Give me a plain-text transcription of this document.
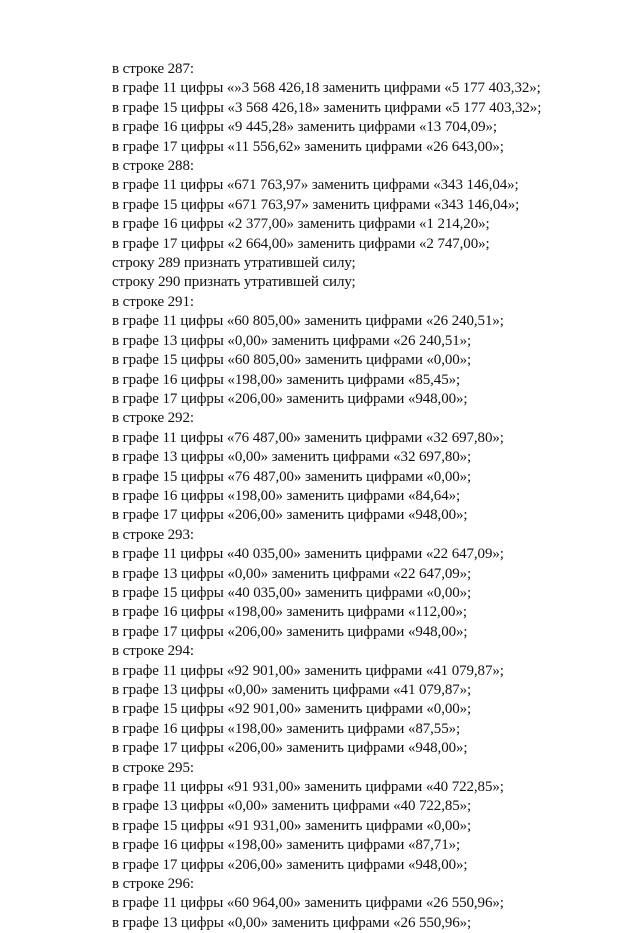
в строке 287:
в графе 11 цифры «»3 568 426,18 заменить цифрами «5 177 403,32»;
в графе 15 цифры «3 568 426,18» заменить цифрами «5 177 403,32»;
в графе 16 цифры «9 445,28» заменить цифрами «13 704,09»;
в графе 17 цифры «11 556,62» заменить цифрами «26 643,00»;
в строке 288:
в графе 11 цифры «671 763,97» заменить цифрами «343 146,04»;
в графе 15 цифры «671 763,97» заменить цифрами «343 146,04»;
в графе 16 цифры «2 377,00» заменить цифрами «1 214,20»;
в графе 17 цифры «2 664,00» заменить цифрами «2 747,00»;
строку 289 признать утратившей силу;
строку 290 признать утратившей силу;
в строке 291:
в графе 11 цифры «60 805,00» заменить цифрами «26 240,51»;
в графе 13 цифры «0,00» заменить цифрами «26 240,51»;
в графе 15 цифры «60 805,00» заменить цифрами «0,00»;
в графе 16 цифры «198,00» заменить цифрами «85,45»;
в графе 17 цифры «206,00» заменить цифрами «948,00»;
в строке 292:
в графе 11 цифры «76 487,00» заменить цифрами «32 697,80»;
в графе 13 цифры «0,00» заменить цифрами «32 697,80»;
в графе 15 цифры «76 487,00» заменить цифрами «0,00»;
в графе 16 цифры «198,00» заменить цифрами «84,64»;
в графе 17 цифры «206,00» заменить цифрами «948,00»;
в строке 293:
в графе 11 цифры «40 035,00» заменить цифрами «22 647,09»;
в графе 13 цифры «0,00» заменить цифрами «22 647,09»;
в графе 15 цифры «40 035,00» заменить цифрами «0,00»;
в графе 16 цифры «198,00» заменить цифрами «112,00»;
в графе 17 цифры «206,00» заменить цифрами «948,00»;
в строке 294:
в графе 11 цифры «92 901,00» заменить цифрами «41 079,87»;
в графе 13 цифры «0,00» заменить цифрами «41 079,87»;
в графе 15 цифры «92 901,00» заменить цифрами «0,00»;
в графе 16 цифры «198,00» заменить цифрами «87,55»;
в графе 17 цифры «206,00» заменить цифрами «948,00»;
в строке 295:
в графе 11 цифры «91 931,00» заменить цифрами «40 722,85»;
в графе 13 цифры «0,00» заменить цифрами «40 722,85»;
в графе 15 цифры «91 931,00» заменить цифрами «0,00»;
в графе 16 цифры «198,00» заменить цифрами «87,71»;
в графе 17 цифры «206,00» заменить цифрами «948,00»;
в строке 296:
в графе 11 цифры «60 964,00» заменить цифрами «26 550,96»;
в графе 13 цифры «0,00» заменить цифрами «26 550,96»;
